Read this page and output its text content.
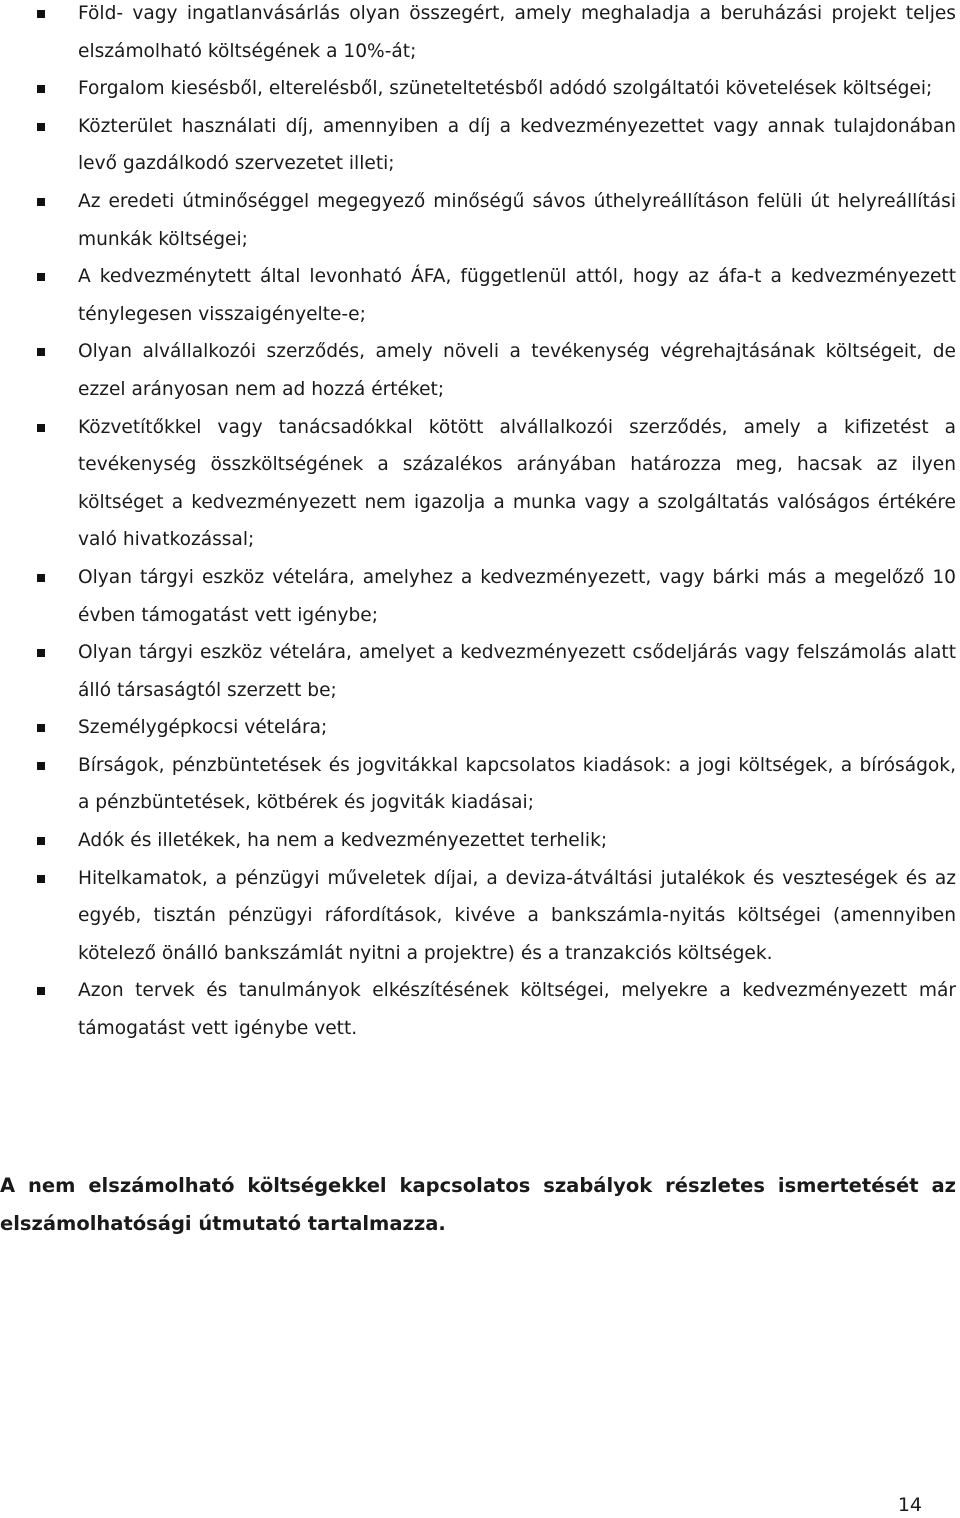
Föld- vagy ingatlanvásárlás olyan összegért, amely meghaladja a beruházási projekt teljes elszámolható költségének a 10%-át;
Forgalom kiesésből, elterelésből, szüneteltetésből adódó szolgáltatói követelések költségei;
Közterület használati díj, amennyiben a díj a kedvezményezettet vagy annak tulajdonában levő gazdálkodó szervezetet illeti;
Az eredeti útminőséggel megegyező minőségű sávos úthelyreállításon felüli út helyreállítási munkák költségei;
A kedvezménytett által levonható ÁFA, függetlenül attól, hogy az áfa-t a kedvezményezett ténylegesen visszaigényelte-e;
Olyan alvállalkozói szerződés, amely növeli a tevékenység végrehajtásának költségeit, de ezzel arányosan nem ad hozzá értéket;
Közvetítőkkel vagy tanácsadókkal kötött alvállalkozói szerződés, amely a kifizetést a tevékenység összköltségének a százalékos arányában határozza meg, hacsak az ilyen költséget a kedvezményezett nem igazolja a munka vagy a szolgáltatás valóságos értékére való hivatkozással;
Olyan tárgyi eszköz vételára, amelyhez a kedvezményezett, vagy bárki más a megelőző 10 évben támogatást vett igénybe;
Olyan tárgyi eszköz vételára, amelyet a kedvezményezett csődeljárás vagy felszámolás alatt álló társaságtól szerzett be;
Személygépkocsi vételára;
Bírságok, pénzbüntetések és jogvitákkal kapcsolatos kiadások: a jogi költségek, a bíróságok, a pénzbüntetések, kötbérek és jogviták kiadásai;
Adók és illetékek, ha nem a kedvezményezettet terhelik;
Hitelkamatok, a pénzügyi műveletek díjai, a deviza-átváltási jutalékok és veszteségek és az egyéb, tisztán pénzügyi ráfordítások, kivéve a bankszámla-nyitás költségei (amennyiben kötelező önálló bankszámlát nyitni a projektre) és a tranzakciós költségek.
Azon tervek és tanulmányok elkészítésének költségei, melyekre a kedvezményezett már támogatást vett igénybe vett.

A nem elszámolható költségekkel kapcsolatos szabályok részletes ismertetését az elszámolhatósági útmutató tartalmazza.

14
